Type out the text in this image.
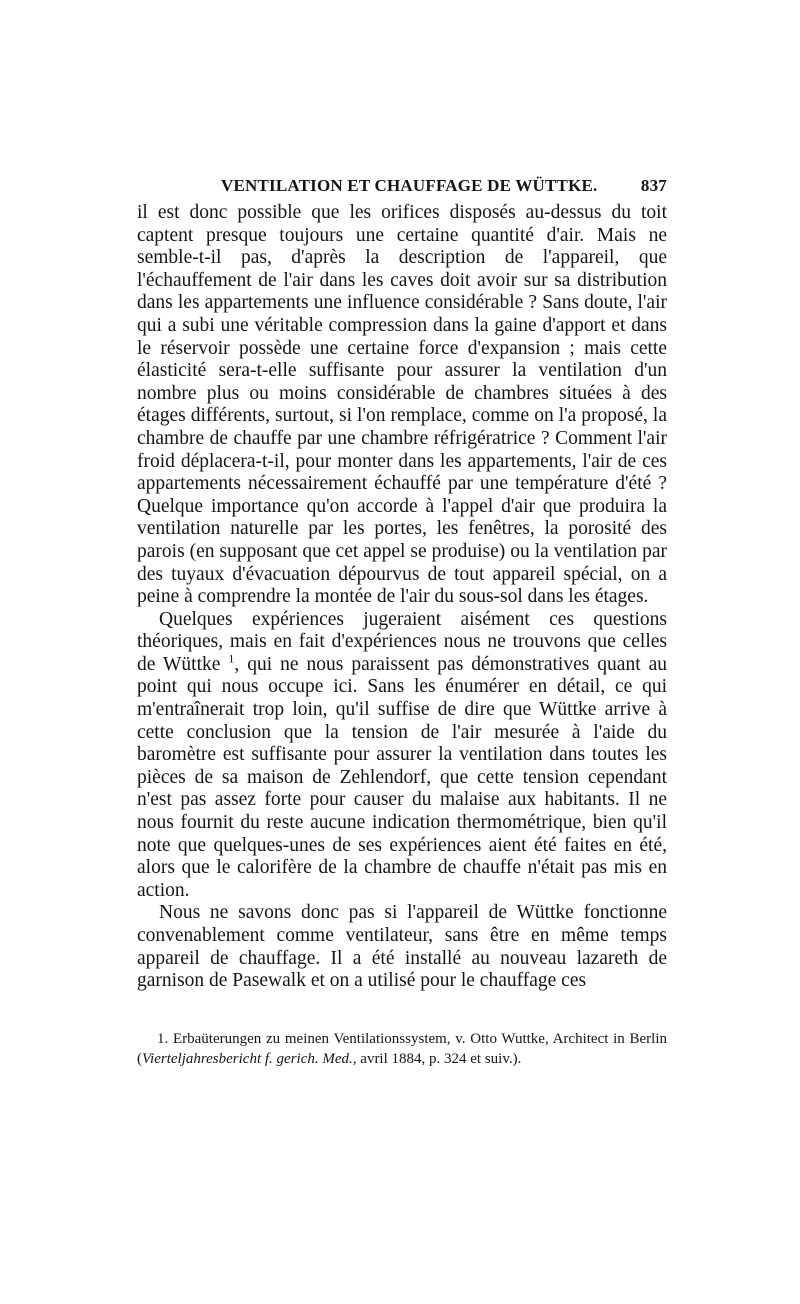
VENTILATION ET CHAUFFAGE DE WÜTTKE.	837

il est donc possible que les orifices disposés au-dessus du toit captent presque toujours une certaine quantité d'air. Mais ne semble-t-il pas, d'après la description de l'appareil, que l'échauffement de l'air dans les caves doit avoir sur sa distribution dans les appartements une influence considérable ? Sans doute, l'air qui a subi une véritable compression dans la gaine d'apport et dans le réservoir possède une certaine force d'expansion ; mais cette élasticité sera-t-elle suffisante pour assurer la ventilation d'un nombre plus ou moins considérable de chambres situées à des étages différents, surtout, si l'on remplace, comme on l'a proposé, la chambre de chauffe par une chambre réfrigératrice ? Comment l'air froid déplacera-t-il, pour monter dans les appartements, l'air de ces appartements nécessairement échauffé par une température d'été ? Quelque importance qu'on accorde à l'appel d'air que produira la ventilation naturelle par les portes, les fenêtres, la porosité des parois (en supposant que cet appel se produise) ou la ventilation par des tuyaux d'évacuation dépourvus de tout appareil spécial, on a peine à comprendre la montée de l'air du sous-sol dans les étages.

Quelques expériences jugeraient aisément ces questions théoriques, mais en fait d'expériences nous ne trouvons que celles de Wüttke $^1$, qui ne nous paraissent pas démonstratives quant au point qui nous occupe ici. Sans les énumérer en détail, ce qui m'entraînerait trop loin, qu'il suffise de dire que Wüttke arrive à cette conclusion que la tension de l'air mesurée à l'aide du baromètre est suffisante pour assurer la ventilation dans toutes les pièces de sa maison de Zehlendorf, que cette tension cependant n'est pas assez forte pour causer du malaise aux habitants. Il ne nous fournit du reste aucune indication thermométrique, bien qu'il note que quelques-unes de ses expériences aient été faites en été, alors que le calorifère de la chambre de chauffe n'était pas mis en action.

Nous ne savons donc pas si l'appareil de Wüttke fonctionne convenablement comme ventilateur, sans être en même temps appareil de chauffage. Il a été installé au nouveau lazareth de garnison de Pasewalk et on a utilisé pour le chauffage ces

1. Erbaüterungen zu meinen Ventilationssystem, v. Otto Wuttke, Architect in Berlin (Vierteljahresbericht f. gerich. Med., avril 1884, p. 324 et suiv.).
